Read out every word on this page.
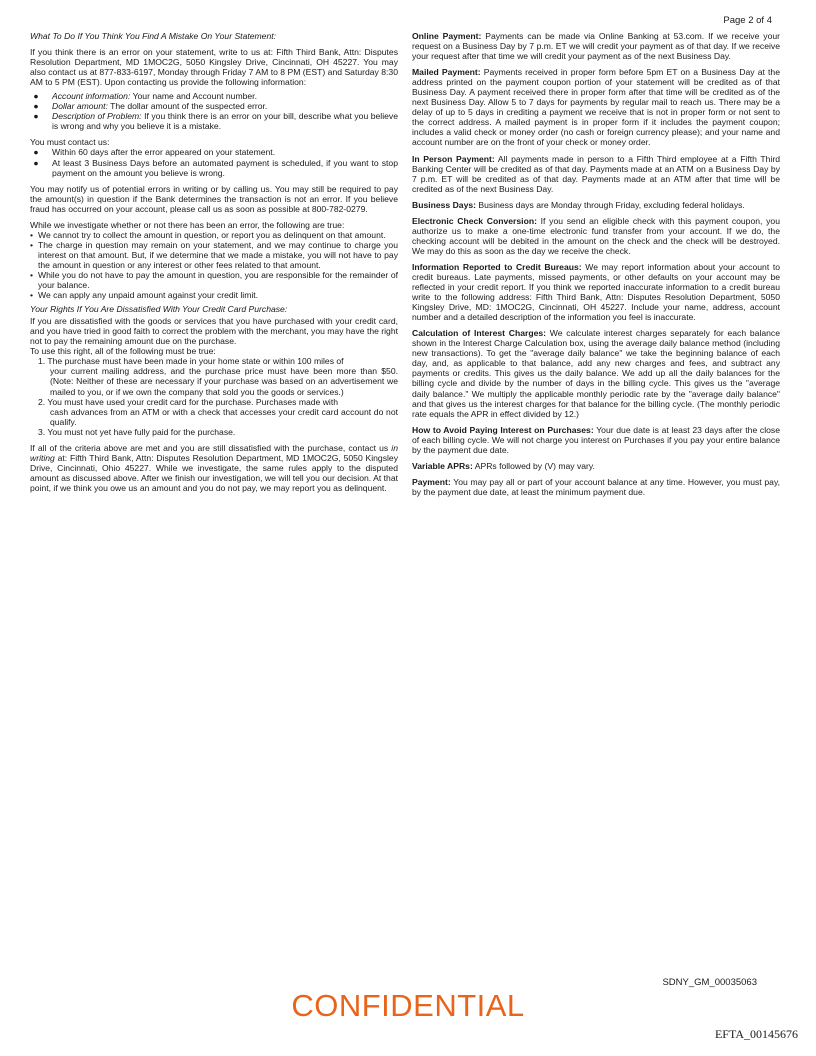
Page 2 of 4

What To Do If You Think You Find A Mistake On Your Statement:

If you think there is an error on your statement, write to us at: Fifth Third Bank, Attn: Disputes Resolution Department, MD 1MOC2G, 5050 Kingsley Drive, Cincinnati, OH 45227. You may also contact us at 877-833-6197, Monday through Friday 7 AM to 8 PM (EST) and Saturday 8:30 AM to 5 PM (EST). Upon contacting us provide the following information:

●	Account information: Your name and Account number.
●	Dollar amount: The dollar amount of the suspected error.
●	Description of Problem: If you think there is an error on your bill, describe what you believe is wrong and why you believe it is a mistake.

You must contact us:

●	Within 60 days after the error appeared on your statement.
●	At least 3 Business Days before an automated payment is scheduled, if you want to stop payment on the amount you believe is wrong.

You may notify us of potential errors in writing or by calling us. You may still be required to pay the amount(s) in question if the Bank determines the transaction is not an error. If you believe fraud has occurred on your account, please call us as soon as possible at 800-782-0279.

While we investigate whether or not there has been an error, the following are true:

• We cannot try to collect the amount in question, or report you as delinquent on that amount.
• The charge in question may remain on your statement, and we may continue to charge you interest on that amount. But, if we determine that we made a mistake, you will not have to pay the amount in question or any interest or other fees related to that amount.
• While you do not have to pay the amount in question, you are responsible for the remainder of your balance.
• We can apply any unpaid amount against your credit limit.

Your Rights If You Are Dissatisfied With Your Credit Card Purchase:

If you are dissatisfied with the goods or services that you have purchased with your credit card, and you have tried in good faith to correct the problem with the merchant, you may have the right not to pay the remaining amount due on the purchase.

To use this right, all of the following must be true:

1. The purchase must have been made in your home state or within 100 miles of
your current mailing address, and the purchase price must have been more than $50. (Note: Neither of these are necessary if your purchase was based on an advertisement we mailed to you, or if we own the company that sold you the goods or services.)
2. You must have used your credit card for the purchase. Purchases made with
cash advances from an ATM or with a check that accesses your credit card account do not qualify.
3. You must not yet have fully paid for the purchase.

If all of the criteria above are met and you are still dissatisfied with the purchase, contact us in writing at: Fifth Third Bank, Attn: Disputes Resolution Department, MD 1MOC2G, 5050 Kingsley Drive, Cincinnati, Ohio 45227. While we investigate, the same rules apply to the disputed amount as discussed above. After we finish our investigation, we will tell you our decision. At that point, if we think you owe us an amount and you do not pay, we may report you as delinquent.

Online Payment: Payments can be made via Online Banking at 53.com. If we receive your request on a Business Day by 7 p.m. ET we will credit your payment as of that day. If we receive your request after that time we will credit your payment as of the next Business Day.

Mailed Payment: Payments received in proper form before 5pm ET on a Business Day at the address printed on the payment coupon portion of your statement will be credited as of that Business Day. A payment received there in proper form after that time will be credited as of the next Business Day. Allow 5 to 7 days for payments by regular mail to reach us. There may be a delay of up to 5 days in crediting a payment we receive that is not in proper form or not sent to the correct address. A mailed payment is in proper form if it includes the payment coupon; includes a valid check or money order (no cash or foreign currency please); and your name and account number are on the front of your check or money order.

In Person Payment: All payments made in person to a Fifth Third employee at a Fifth Third Banking Center will be credited as of that day. Payments made at an ATM on a Business Day by 7 p.m. ET will be credited as of that day. Payments made at an ATM after that time will be credited as of the next Business Day.

Business Days: Business days are Monday through Friday, excluding federal holidays.

Electronic Check Conversion: If you send an eligible check with this payment coupon, you authorize us to make a one-time electronic fund transfer from your account. If we do, the checking account will be debited in the amount on the check and the check will be destroyed. We may do this as soon as the day we receive the check.

Information Reported to Credit Bureaus: We may report information about your account to credit bureaus. Late payments, missed payments, or other defaults on your account may be reflected in your credit report. If you think we reported inaccurate information to a credit bureau write to the following address: Fifth Third Bank, Attn: Disputes Resolution Department, 5050 Kingsley Drive, MD: 1MOC2G, Cincinnati, OH 45227. Include your name, address, account number and a detailed description of the information you feel is inaccurate.

Calculation of Interest Charges: We calculate interest charges separately for each balance shown in the Interest Charge Calculation box, using the average daily balance method (including new transactions). To get the "average daily balance" we take the beginning balance of each day, and, as applicable to that balance, add any new charges and fees, and subtract any payments or credits. This gives us the daily balance. We add up all the daily balances for the billing cycle and divide by the number of days in the billing cycle. This gives us the "average daily balance." We multiply the applicable monthly periodic rate by the "average daily balance" and that gives us the interest charges for that balance for the billing cycle. (The monthly periodic rate equals the APR in effect divided by 12.)

How to Avoid Paying Interest on Purchases: Your due date is at least 23 days after the close of each billing cycle. We will not charge you interest on Purchases if you pay your entire balance by the payment due date.

Variable APRs: APRs followed by (V) may vary.

Payment: You may pay all or part of your account balance at any time. However, you must pay, by the payment due date, at least the minimum payment due.

SDNY_GM_00035063
CONFIDENTIAL
EFTA_00145676
